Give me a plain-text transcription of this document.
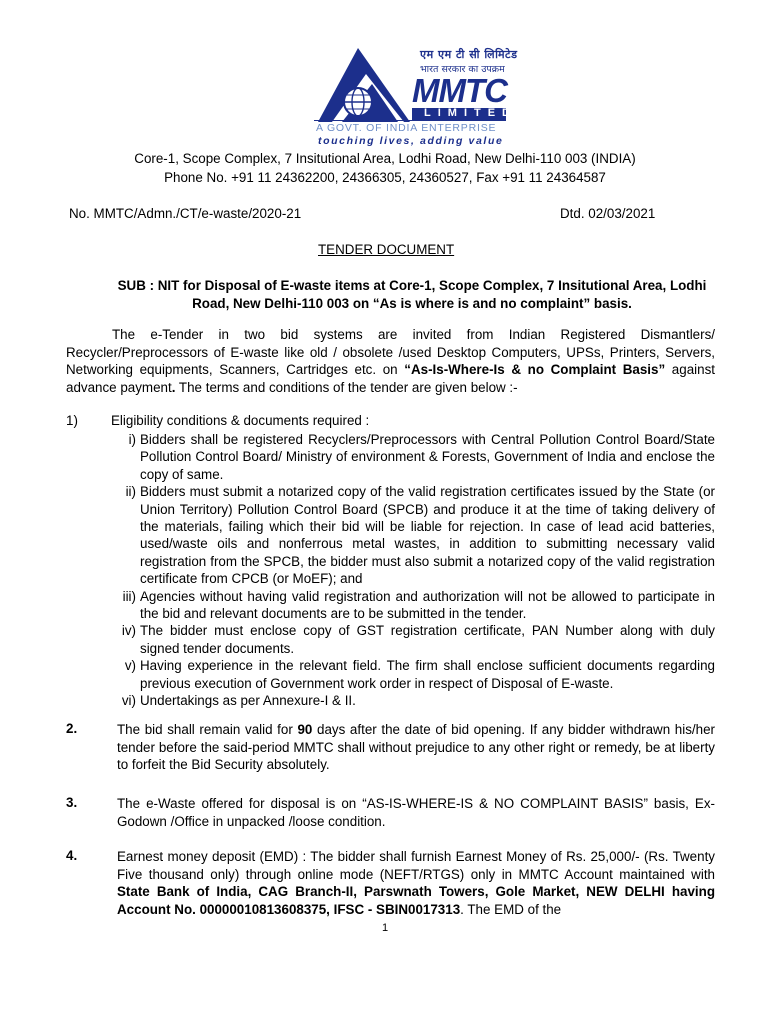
एम एम टी सी लिमिटेड
भारत सरकार का उपक्रम
MMTC
LIMITED
A GOVT. OF INDIA ENTERPRISE
touching lives, adding value
Core-1, Scope Complex, 7 Insitutional Area, Lodhi Road, New Delhi-110 003 (INDIA)
Phone No. +91 11 24362200, 24366305, 24360527, Fax +91 11 24364587
No. MMTC/Admn./CT/e-waste/2020-21	Dtd. 02/03/2021
TENDER DOCUMENT
SUB : NIT for Disposal of E-waste items at Core-1, Scope Complex, 7 Insitutional Area, Lodhi Road, New Delhi-110 003 on “As is where is and no complaint” basis.
The e-Tender in two bid systems are invited from Indian Registered Dismantlers/ Recycler/Preprocessors of E-waste like old / obsolete /used Desktop Computers, UPSs, Printers, Servers, Networking equipments, Scanners, Cartridges etc. on “As-Is-Where-Is & no Complaint Basis” against advance payment. The terms and conditions of the tender are given below :-
1) Eligibility conditions & documents required :
i) Bidders shall be registered Recyclers/Preprocessors with Central Pollution Control Board/State Pollution Control Board/ Ministry of environment & Forests, Government of India and enclose the copy of same.
ii) Bidders must submit a notarized copy of the valid registration certificates issued by the State (or Union Territory) Pollution Control Board (SPCB) and produce it at the time of taking delivery of the materials, failing which their bid will be liable for rejection. In case of lead acid batteries, used/waste oils and nonferrous metal wastes, in addition to submitting necessary valid registration from the SPCB, the bidder must also submit a notarized copy of the valid registration certificate from CPCB (or MoEF); and
iii) Agencies without having valid registration and authorization will not be allowed to participate in the bid and relevant documents are to be submitted in the tender.
iv) The bidder must enclose copy of GST registration certificate, PAN Number along with duly signed tender documents.
v) Having experience in the relevant field. The firm shall enclose sufficient documents regarding previous execution of Government work order in respect of Disposal of E-waste.
vi) Undertakings as per Annexure-I & II.
2.	The bid shall remain valid for 90 days after the date of bid opening. If any bidder withdrawn his/her tender before the said-period MMTC shall without prejudice to any other right or remedy, be at liberty to forfeit the Bid Security absolutely.
3.	The e-Waste offered for disposal is on “AS-IS-WHERE-IS & NO COMPLAINT BASIS” basis, Ex-Godown /Office in unpacked /loose condition.
4.	Earnest money deposit (EMD) : The bidder shall furnish Earnest Money of Rs. 25,000/- (Rs. Twenty Five thousand only) through online mode (NEFT/RTGS) only in MMTC Account maintained with State Bank of India, CAG Branch-II, Parswnath Towers, Gole Market, NEW DELHI having Account No. 00000010813608375, IFSC - SBIN0017313. The EMD of the
1
